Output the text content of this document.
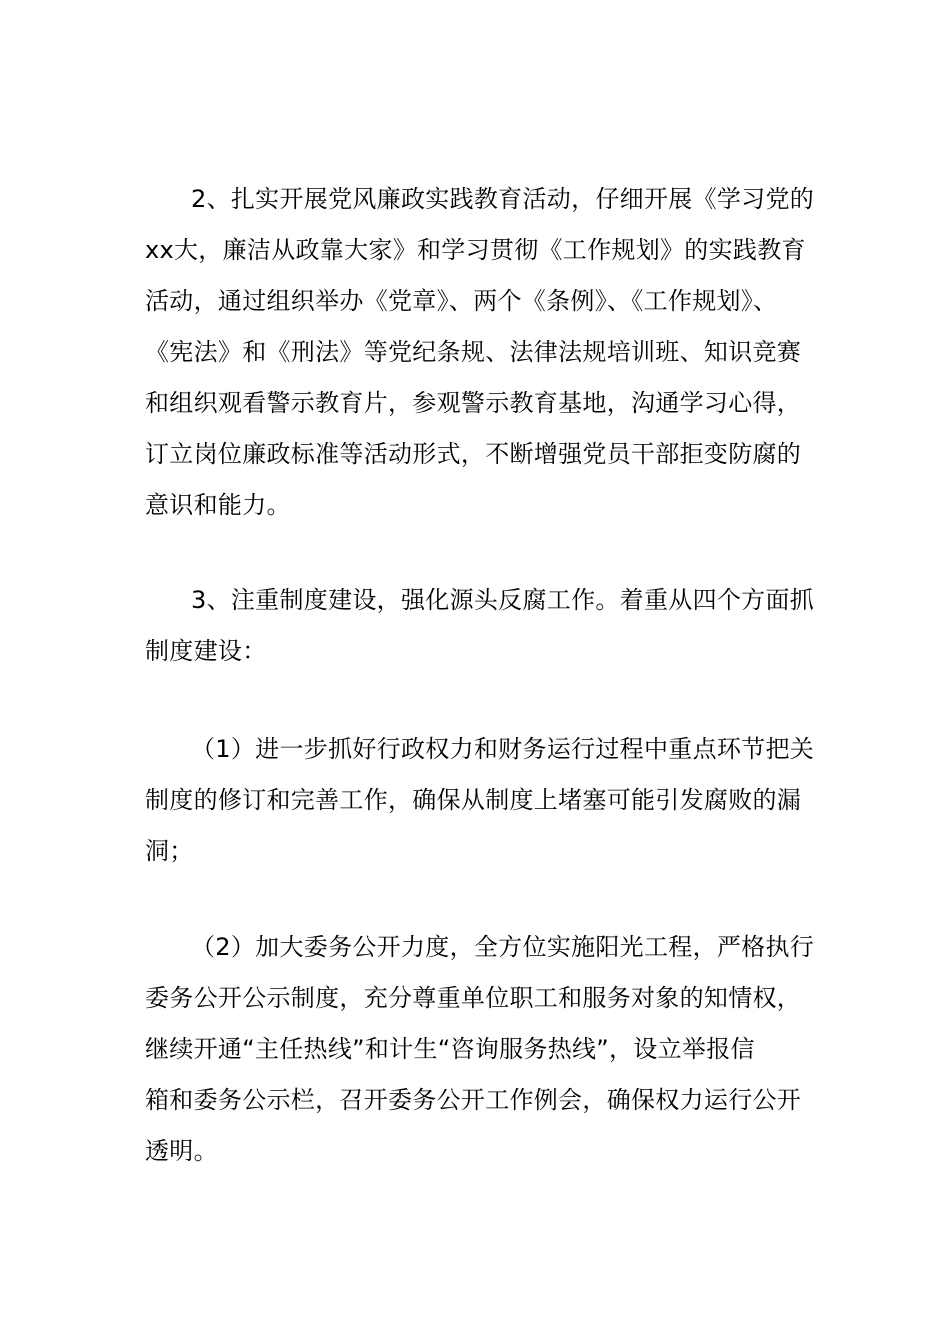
2、扎实开展党风廉政实践教育活动，仔细开展《学习党的
xx大，廉洁从政靠大家》和学习贯彻《工作规划》的实践教育
活动，通过组织举办《党章》、两个《条例》、《工作规划》、
《宪法》和《刑法》等党纪条规、法律法规培训班、知识竞赛
和组织观看警示教育片，参观警示教育基地，沟通学习心得，
订立岗位廉政标准等活动形式，不断增强党员干部拒变防腐的
意识和能力。
3、注重制度建设，强化源头反腐工作。着重从四个方面抓
制度建设：
（1）进一步抓好行政权力和财务运行过程中重点环节把关
制度的修订和完善工作，确保从制度上堵塞可能引发腐败的漏
洞；
（2）加大委务公开力度，全方位实施阳光工程，严格执行
委务公开公示制度，充分尊重单位职工和服务对象的知情权，
继续开通“主任热线”和计生“咨询服务热线”，设立举报信
箱和委务公示栏，召开委务公开工作例会，确保权力运行公开
透明。
